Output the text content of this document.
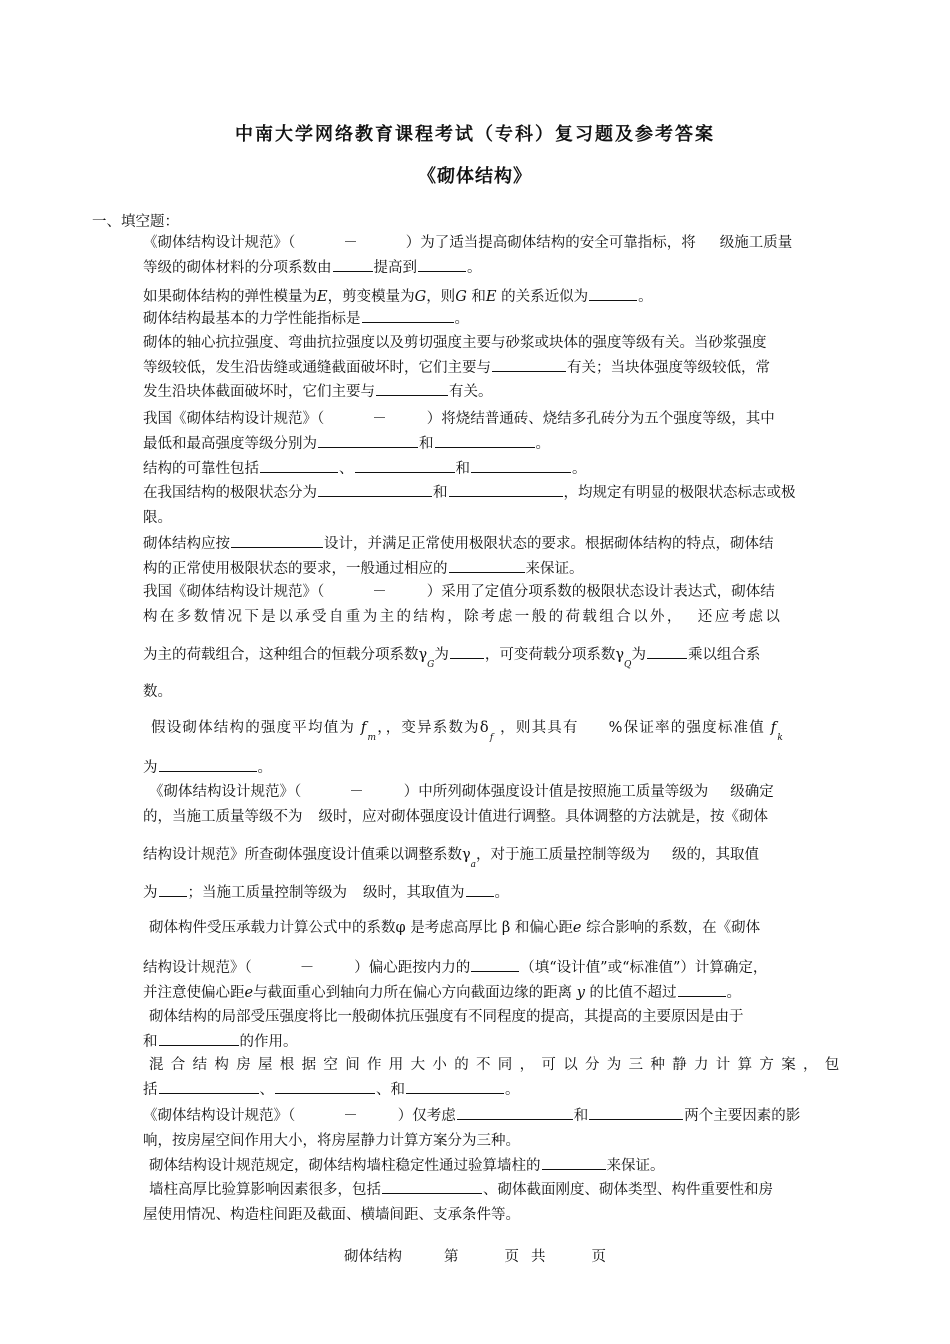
中南大学网络教育课程考试（专科）复习题及参考答案
《砌体结构》
一、填空题：
《砌体结构设计规范》（	－	）为了适当提高砌体结构的安全可靠指标，将 级施工质量
等级的砌体材料的分项系数由	提高到	。
如果砌体结构的弹性模量为E，剪变模量为G，则G 和E 的关系近似为	。
砌体结构最基本的力学性能指标是	。
砌体的轴心抗拉强度、弯曲抗拉强度以及剪切强度主要与砂浆或块体的强度等级有关。当砂浆强度
等级较低，发生沿齿缝或通缝截面破坏时，它们主要与	有关；当块体强度等级较低，常
发生沿块体截面破坏时，它们主要与	有关。
我国《砌体结构设计规范》（	－	）将烧结普通砖、烧结多孔砖分为五个强度等级，其中
最低和最高强度等级分别为	和	。
结构的可靠性包括	、	和	。
在我国结构的极限状态分为	和	，均规定有明显的极限状态标志或极
限。
砌体结构应按	设计，并满足正常使用极限状态的要求。根据砌体结构的特点，砌体结
构的正常使用极限状态的要求，一般通过相应的	来保证。
我国《砌体结构设计规范》（	－	）采用了定值分项系数的极限状态设计表达式，砌体结
构在多数情况下是以承受自重为主的结构，除考虑一般的荷载组合以外， 还应考虑以
为主的荷载组合，这种组合的恒载分项系数$\gamma_G$为 ，可变荷载分项系数$\gamma_Q$为	乘以组合系
数。
假设砌体结构的强度平均值为 $f_m$，，变异系数为$\delta_f$ ，则其具有 %保证率的强度标准值 $f_k$
为	。
《砌体结构设计规范》（	－	）中所列砌体强度设计值是按照施工质量等级为 级确定
的，当施工质量等级不为 级时，应对砌体强度设计值进行调整。具体调整的方法就是，按《砌体
结构设计规范》所查砌体强度设计值乘以调整系数$\gamma_a$，对于施工质量控制等级为 级的，其取值
为 ；当施工质量控制等级为 级时，其取值为 。
砌体构件受压承载力计算公式中的系数φ 是考虑高厚比 β 和偏心距e 综合影响的系数，在《砌体
结构设计规范》（	－	）偏心距按内力的	（填“设计值”或“标准值”）计算确定，
并注意使偏心距e与截面重心到轴向力所在偏心方向截面边缘的距离 y 的比值不超过	。
砌体结构的局部受压强度将比一般砌体抗压强度有不同程度的提高，其提高的主要原因是由于
和	的作用。
混合结构房屋根据空间作用大小的不同，可以分为三种静力计算方案，包
括	、	、和	。
《砌体结构设计规范》（	－	）仅考虑	和	两个主要因素的影
响，按房屋空间作用大小，将房屋静力计算方案分为三种。
砌体结构设计规范规定，砌体结构墙柱稳定性通过验算墙柱的	来保证。
墙柱高厚比验算影响因素很多，包括	、砌体截面刚度、砌体类型、构件重要性和房
屋使用情况、构造柱间距及截面、横墙间距、支承条件等。
砌体结构	第	页 共	页
